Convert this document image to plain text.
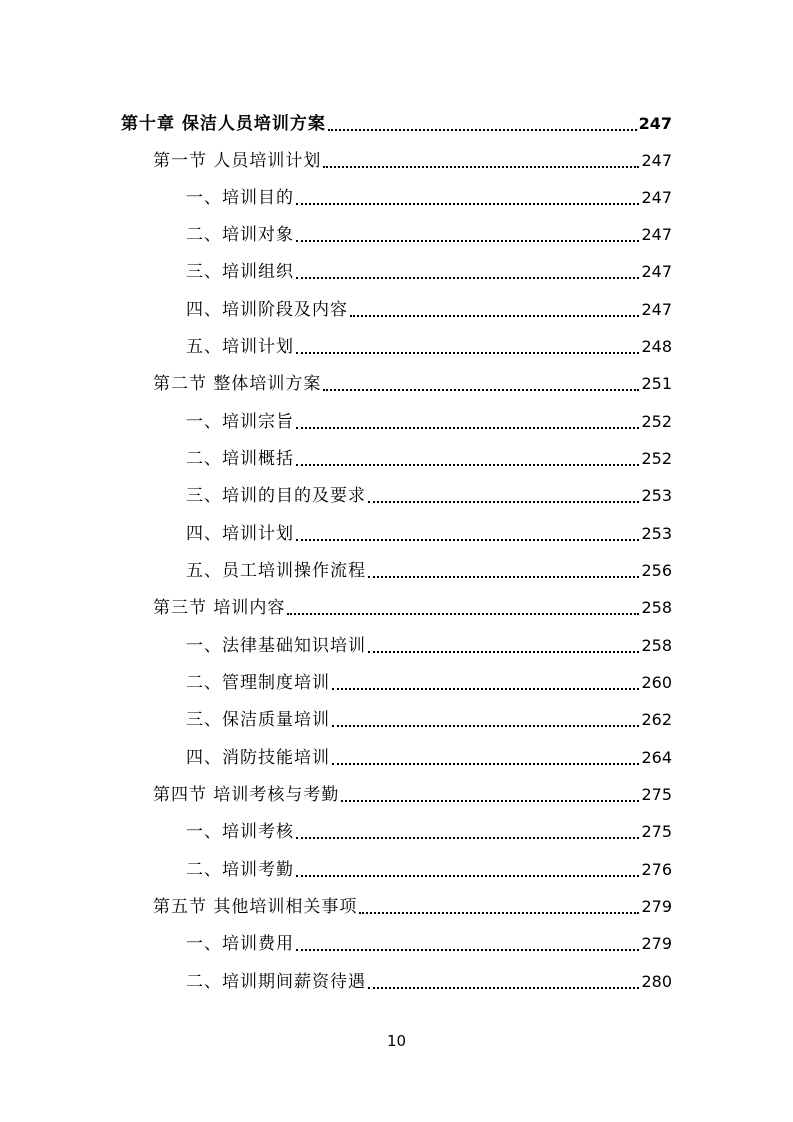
第十章 保洁人员培训方案	247
第一节 人员培训计划	247
一、培训目的	247
二、培训对象	247
三、培训组织	247
四、培训阶段及内容	247
五、培训计划	248
第二节 整体培训方案	251
一、培训宗旨	252
二、培训概括	252
三、培训的目的及要求	253
四、培训计划	253
五、员工培训操作流程	256
第三节 培训内容	258
一、法律基础知识培训	258
二、管理制度培训	260
三、保洁质量培训	262
四、消防技能培训	264
第四节 培训考核与考勤	275
一、培训考核	275
二、培训考勤	276
第五节 其他培训相关事项	279
一、培训费用	279
二、培训期间薪资待遇	280
10
